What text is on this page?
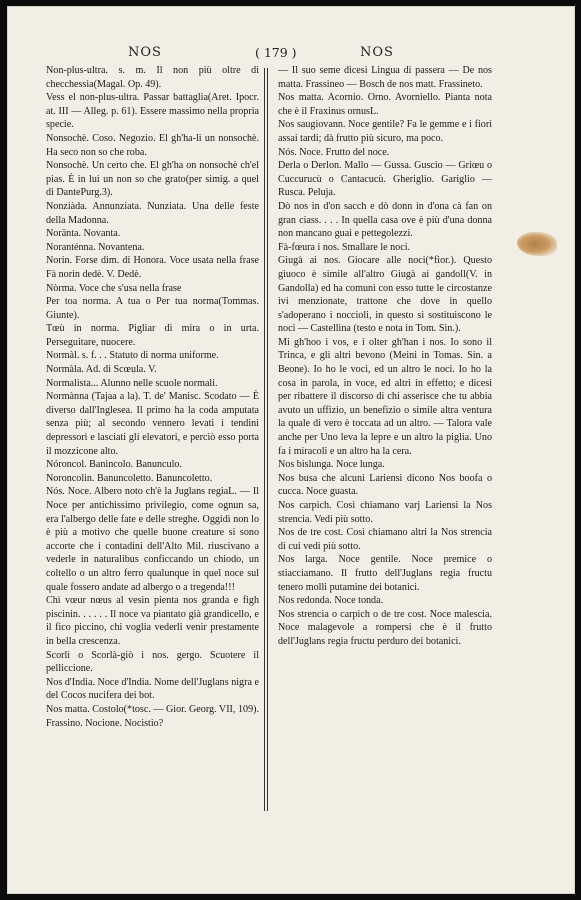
NOS	( 179 )	NOS

Non-plus-ultra. s. m. Il non più oltre di checchessia(Magal. Op. 49).

Vess el non-plus-ultra. Passar battaglia(Aret. Ipocr. at. III — Alleg. p. 61). Essere massimo nella propria specie.

Nonsochè. Coso. Negozio. El gh'ha-li un nonsochè. Ha seco non so che roba.

Nonsochè. Un certo che. El gh'ha on nonsochè ch'el pias. È in lui un non so che grato(per simig. a quel di DantePurg.3).

Nonziàda. Annunziata. Nunziata. Una delle feste della Madonna.

Noränta. Novanta.

Noranténna. Novantena.

Norin. Forse dim. di Honora. Voce usata nella frase Fà norin dedè. V. Dedè.

Nòrma. Voce che s'usa nella frase

Per toa norma. A tua o Per tua norma(Tommas. Giunte).

Tœù in norma. Pigliar di mira o in urta. Perseguitare, nuocere.

Normàl. s. f. . . Statuto di norma uniforme.

Normàla. Ad. di Scœula. V.

Normalista... Alunno nelle scuole normali.

Normànna (Tajaa a la). T. de' Manisc. Scodato — È diverso dall'Inglesea. Il primo ha la coda amputata senza più; al secondo vennero levati i tendini depressori e lasciati gli elevatori, e perciò esso porta il mozzicone alto.

Nóroncol. Banincolo. Banunculo.

Noroncolin. Banuncoletto. Banuncoletto.

Nós. Noce. Albero noto ch'è la Juglans regiaL. — Il Noce per antichissimo privilegio, come ognun sa, era l'albergo delle fate e delle streghe. Oggidì non lo è più a motivo che quelle buone creature si sono accorte che i contadini dell'Alto Mil. riuscivano a vederle in naturalibus conficcando un chiodo, un coltello o un altro ferro qualunque in quel noce sul quale fossero andate ad albergo o a tregenda!!!

Chi vœur nœus al vesin pienta nos granda e figh piscinin. . . . . . Il noce va piantato già grandicello, e il fico piccino, chi voglia vederli venir prestamente in bella crescenza.

Scorlì o Scorlà-giò i nos. gergo. Scuotere il pelliccione.

Nos d'India. Noce d'India. Nome dell'Juglans nigra e del Cocos nucifera dei bot.

Nos matta. Costolo(*tosc. — Gior. Georg. VII, 109). Frassino. Nocione. Nocistio?

— Il suo seme dicesi Lingua di passera — De nos matta. Frassineo — Bosch de nos matt. Frassineto.

Nos matta. Acornio. Orno. Avorniello. Pianta nota che è il Fraxinus ornusL.

Nos saugiovann. Noce gentile? Fa le gemme e i fiori assai tardi; dà frutto più sicuro, ma poco.

Nós. Noce. Frutto del noce.

Derla o Derlon. Mallo — Gussa. Guscio — Griœu o Cuccurucù o Cantacucù. Gheriglio. Gariglio — Rusca. Peluja.

Dò nos in d'on sacch e dò donn in d'ona cà fan on gran ciass. . . . In quella casa ove è più d'una donna non mancano guai e pettegolezzi.

Fà-fœura i nos. Smallare le noci.

Giugà ai nos. Giocare alle noci(*fior.). Questo giuoco è simile all'altro Giugà ai gandoll(V. in Gandolla) ed ha comuni con esso tutte le circostanze ivi menzionate, trattone che dove in quello s'adoperano i noccioli, in questo si sostituiscono le noci — Castellina (testo e nota in Tom. Sin.).

Mi gh'hoo i vos, e i olter gh'han i nos. Io sono il Trinca, e gli altri bevono (Meini in Tomas. Sin. a Beone). Io ho le voci, ed un altro le noci. Io ho la cosa in parola, in voce, ed altri in effetto; e dicesi per ribattere il discorso di chi asserisce che tu abbia avuto un uffizio, un benefizio o simile altra ventura la quale di vero è toccata ad un altro. — Talora vale anche per Uno leva la lepre e un altro la piglia. Uno fa i miracoli e un altro ha la cera.

Nos bislunga. Noce lunga.

Nos busa che alcuni Lariensi dicono Nos boofa o cucca. Noce guasta.

Nos carpich. Così chiamano varj Lariensi la Nos strencia. Vedi più sotto.

Nos de tre cost. Così chiamano altri la Nos strencia di cui vedi più sotto.

Nos larga. Noce gentile. Noce premice o stiacciamano. Il frutto dell'Juglans regia fructu tenero molli putamine dei botanici.

Nos redonda. Noce tonda.

Nos strencia o carpich o de tre cost. Noce malescia. Noce malagevole a rompersi che è il frutto dell'Juglans regia fructu perduro dei botanici.
